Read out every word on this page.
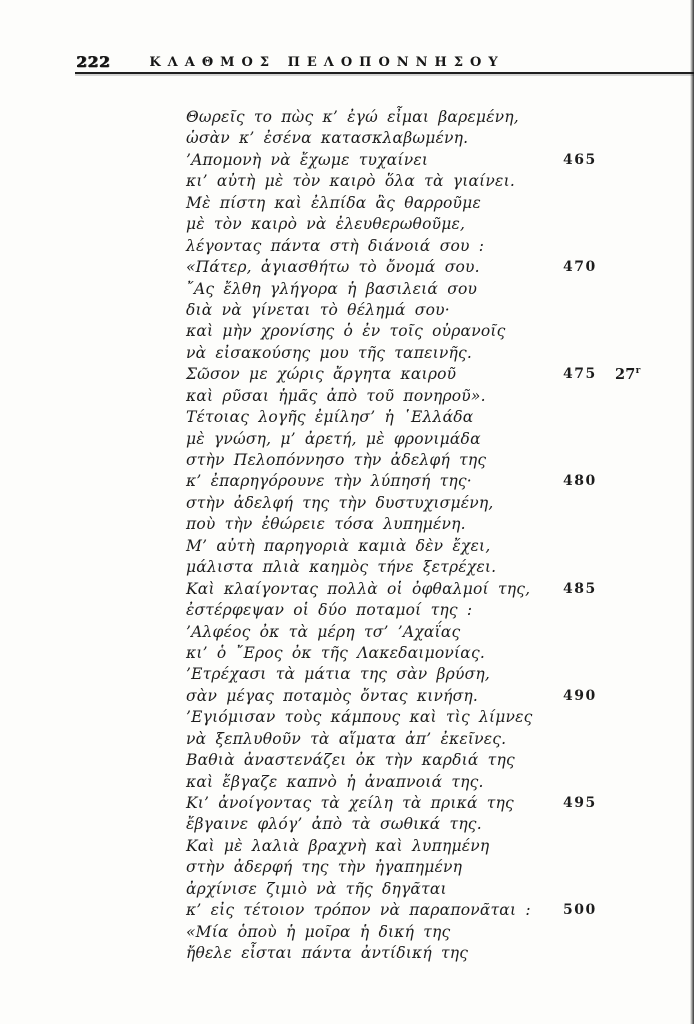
222	ΚΛΑΘΜΟΣ ΠΕΛΟΠΟΝΝΗΣΟΥ
Θωρεῖς το πὼς κ’ ἐγώ εἶμαι βαρεμένη,
ὡσὰν κ’ ἐσένα κατασκλαβωμένη.
’Απομονὴ νὰ ἔχωμε τυχαίνει	465
κι’ αὐτὴ μὲ τὸν καιρὸ ὅλα τὰ γιαίνει.
Μὲ πίστη καὶ ἐλπίδα ἂς θαρροῦμε
μὲ τὸν καιρὸ νὰ ἐλευθερωθοῦμε,
λέγοντας πάντα στὴ διάνοιά σου :
«Πάτερ, ἁγιασθήτω τὸ ὄνομά σου.	470
῎Ας ἔλθη γλήγορα ἡ βασιλειά σου
διὰ νὰ γίνεται τὸ θέλημά σου·
καὶ μὴν χρονίσης ὁ ἐν τοῖς οὐρανοῖς
νὰ εἰσακούσης μου τῆς ταπεινῆς.
Σῶσον με χώρις ἄργητα καιροῦ	475 27$^r$
καὶ ρῦσαι ἡμᾶς ἀπὸ τοῦ πονηροῦ».
Τέτοιας λογῆς ἐμίλησ’ ἡ ῾Ελλάδα
μὲ γνώση, μ’ ἀρετή, μὲ φρονιμάδα
στὴν Πελοπόννησο τὴν ἀδελφή της
κ’ ἐπαρηγόρουνε τὴν λύπησή της·	480
στὴν ἀδελφή της τὴν δυστυχισμένη,
ποὺ τὴν ἐθώρειε τόσα λυπημένη.
Μ’ αὐτὴ παρηγοριὰ καμιὰ δὲν ἔχει,
μάλιστα πλιὰ καημὸς τήνε ξετρέχει.
Καὶ κλαίγοντας πολλὰ οἱ ὀφθαλμοί της, 485
ἐστέρφεψαν οἱ δύο ποταμοί της :
’Αλφέος ὀκ τὰ μέρη τσ’ ’Αχαΐας
κι’ ὁ ῎Ερος ὀκ τῆς Λακεδαιμονίας.
’Ετρέχασι τὰ μάτια της σὰν βρύση,
σὰν μέγας ποταμὸς ὄντας κινήση.	490
’Εγιόμισαν τοὺς κάμπους καὶ τὶς λίμνες
νὰ ξεπλυθοῦν τὰ αἵματα ἀπ’ ἐκεῖνες.
Βαθιὰ ἀναστενάζει ὀκ τὴν καρδιά της
καὶ ἔβγαζε καπνὸ ἡ ἀναπνοιά της.
Κι’ ἀνοίγοντας τὰ χείλη τὰ πρικά της	495
ἔβγαινε φλόγ’ ἀπὸ τὰ σωθικά της.
Καὶ μὲ λαλιὰ βραχνὴ καὶ λυπημένη
στὴν ἀδερφή της τὴν ἠγαπημένη
ἀρχίνισε ζιμιὸ νὰ τῆς δηγᾶται
κ’ εἰς τέτοιον τρόπον νὰ παραπονᾶται : 500
«Μία ὁποὺ ἡ μοῖρα ἡ δική της
ἤθελε εἶσται πάντα ἀντίδική της
